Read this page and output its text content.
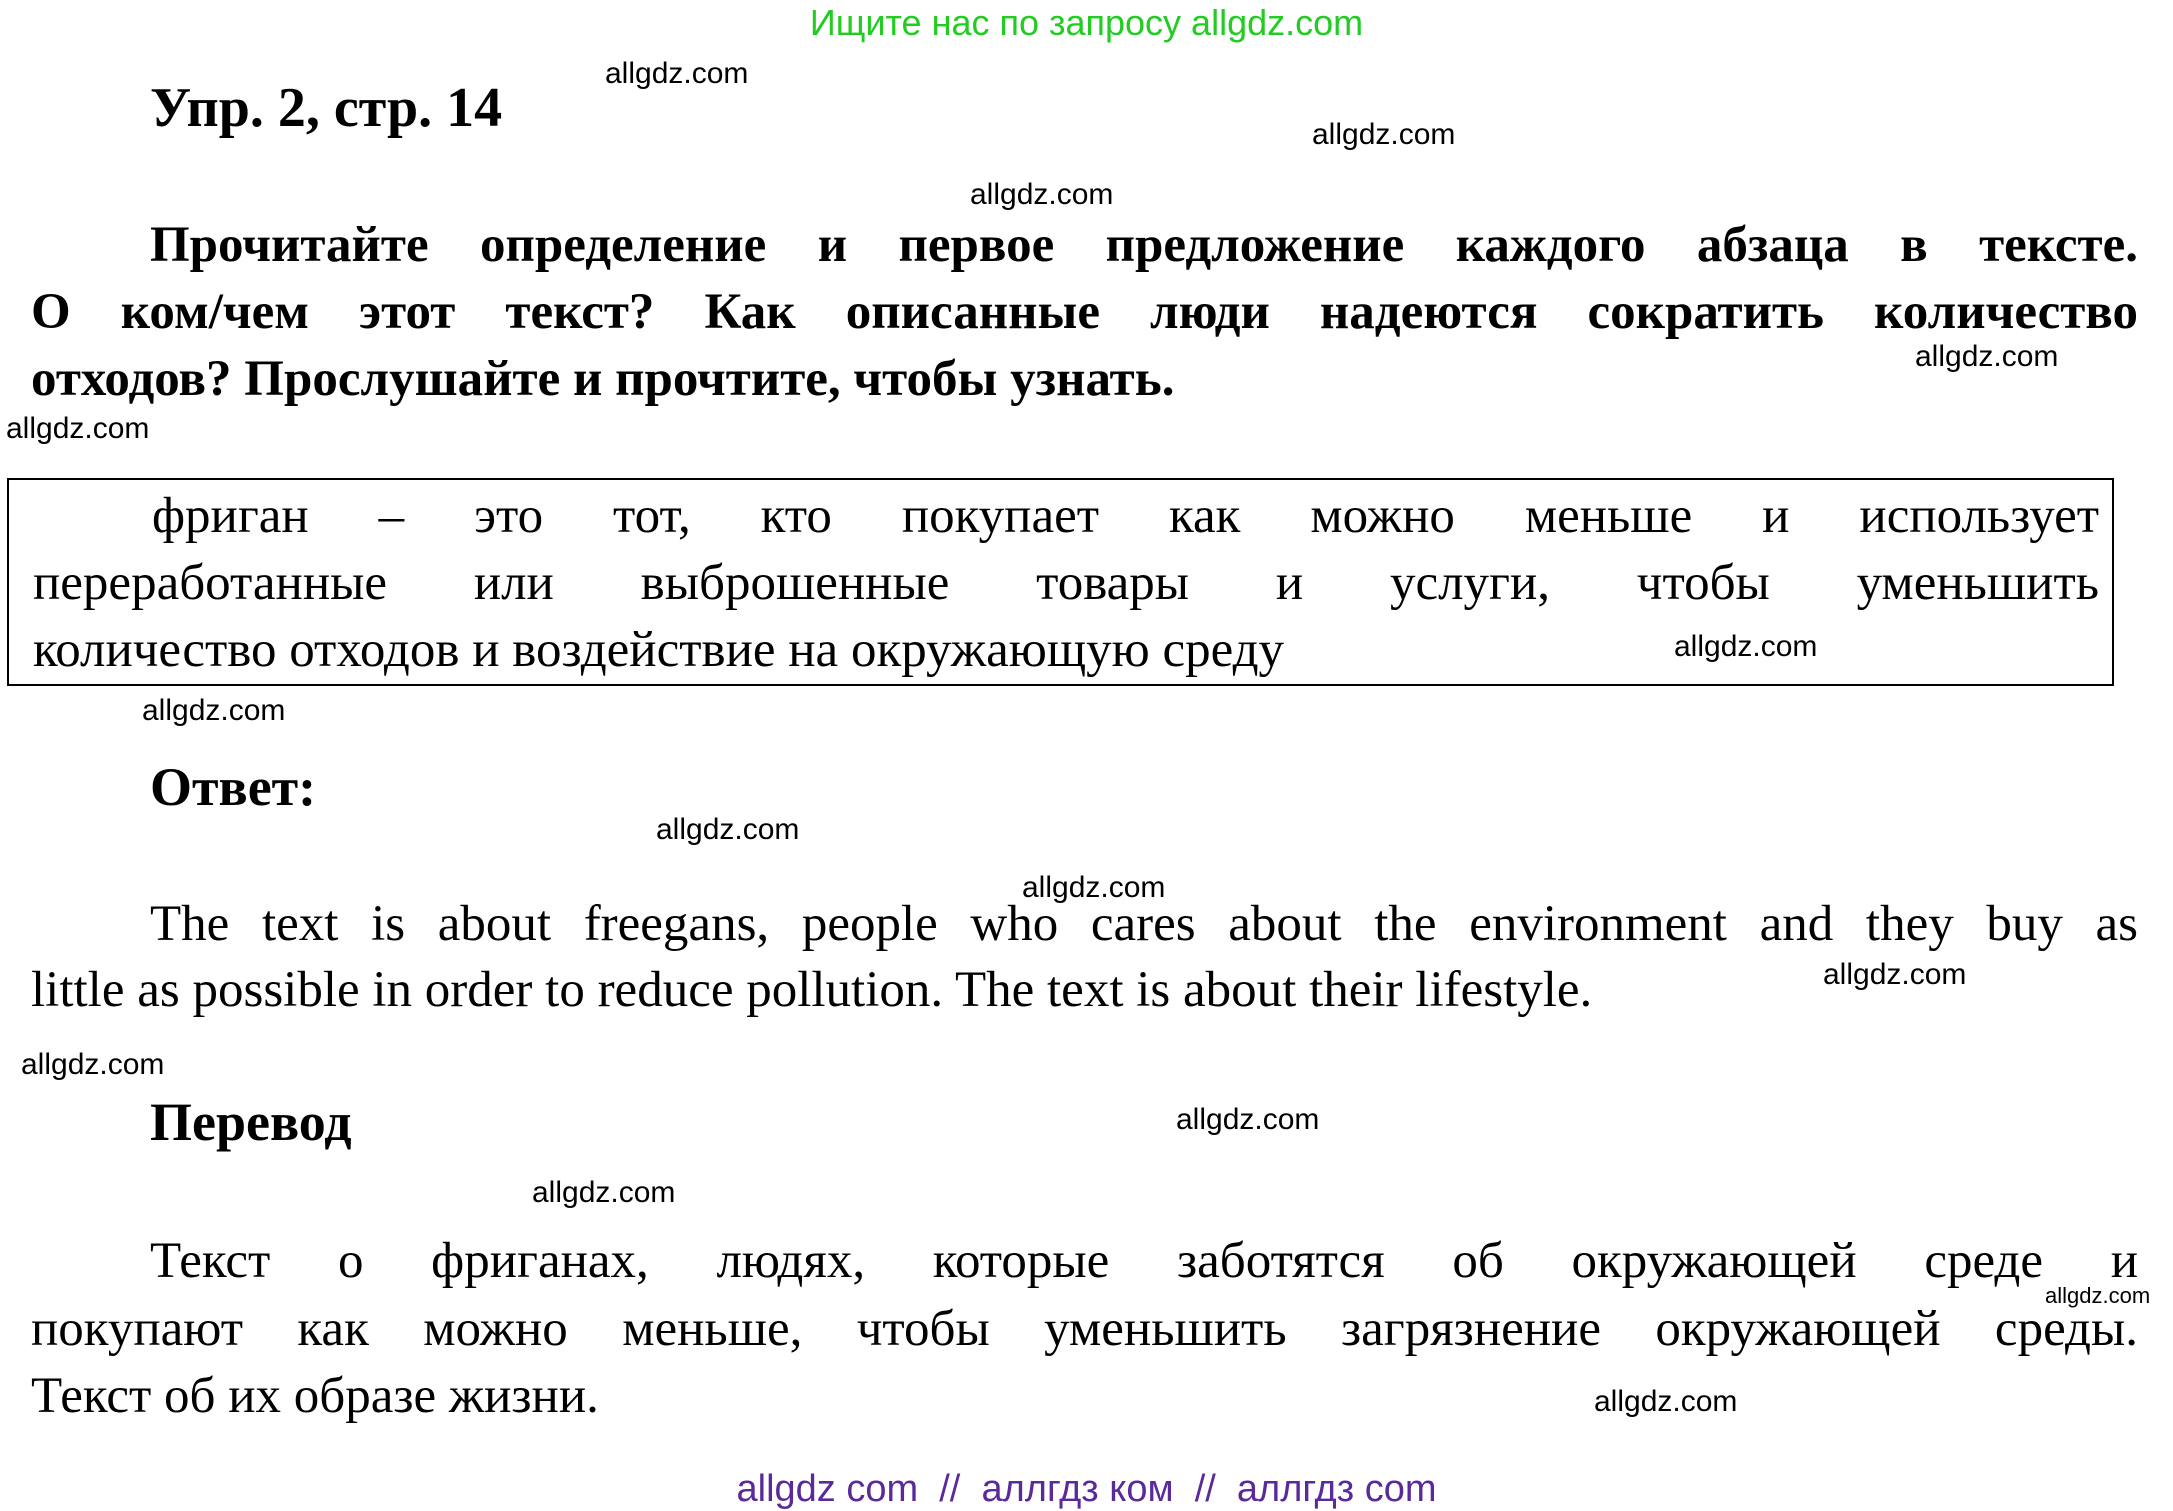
Ищите нас по запросу allgdz.com
Упр. 2, стр. 14
Прочитайте определение и первое предложение каждого абзаца в тексте.
О ком/чем этот текст? Как описанные люди надеются сократить количество
отходов? Прослушайте и прочтите, чтобы узнать.
фриган – это тот, кто покупает как можно меньше и использует
переработанные или выброшенные товары и услуги, чтобы уменьшить
количество отходов и воздействие на окружающую среду
Ответ:
The text is about freegans, people who cares about the environment and they buy as
little as possible in order to reduce pollution. The text is about their lifestyle.
Перевод
Текст о фриганах, людях, которые заботятся об окружающей среде и
покупают как можно меньше, чтобы уменьшить загрязнение окружающей среды.
Текст об их образе жизни.
allgdz.com
allgdz.com
allgdz.com
allgdz.com
allgdz.com
allgdz.com
allgdz.com
allgdz.com
allgdz.com
allgdz.com
allgdz.com
allgdz.com
allgdz.com
allgdz.com
allgdz.com
allgdz com  //  аллгдз ком  //  аллгдз com
